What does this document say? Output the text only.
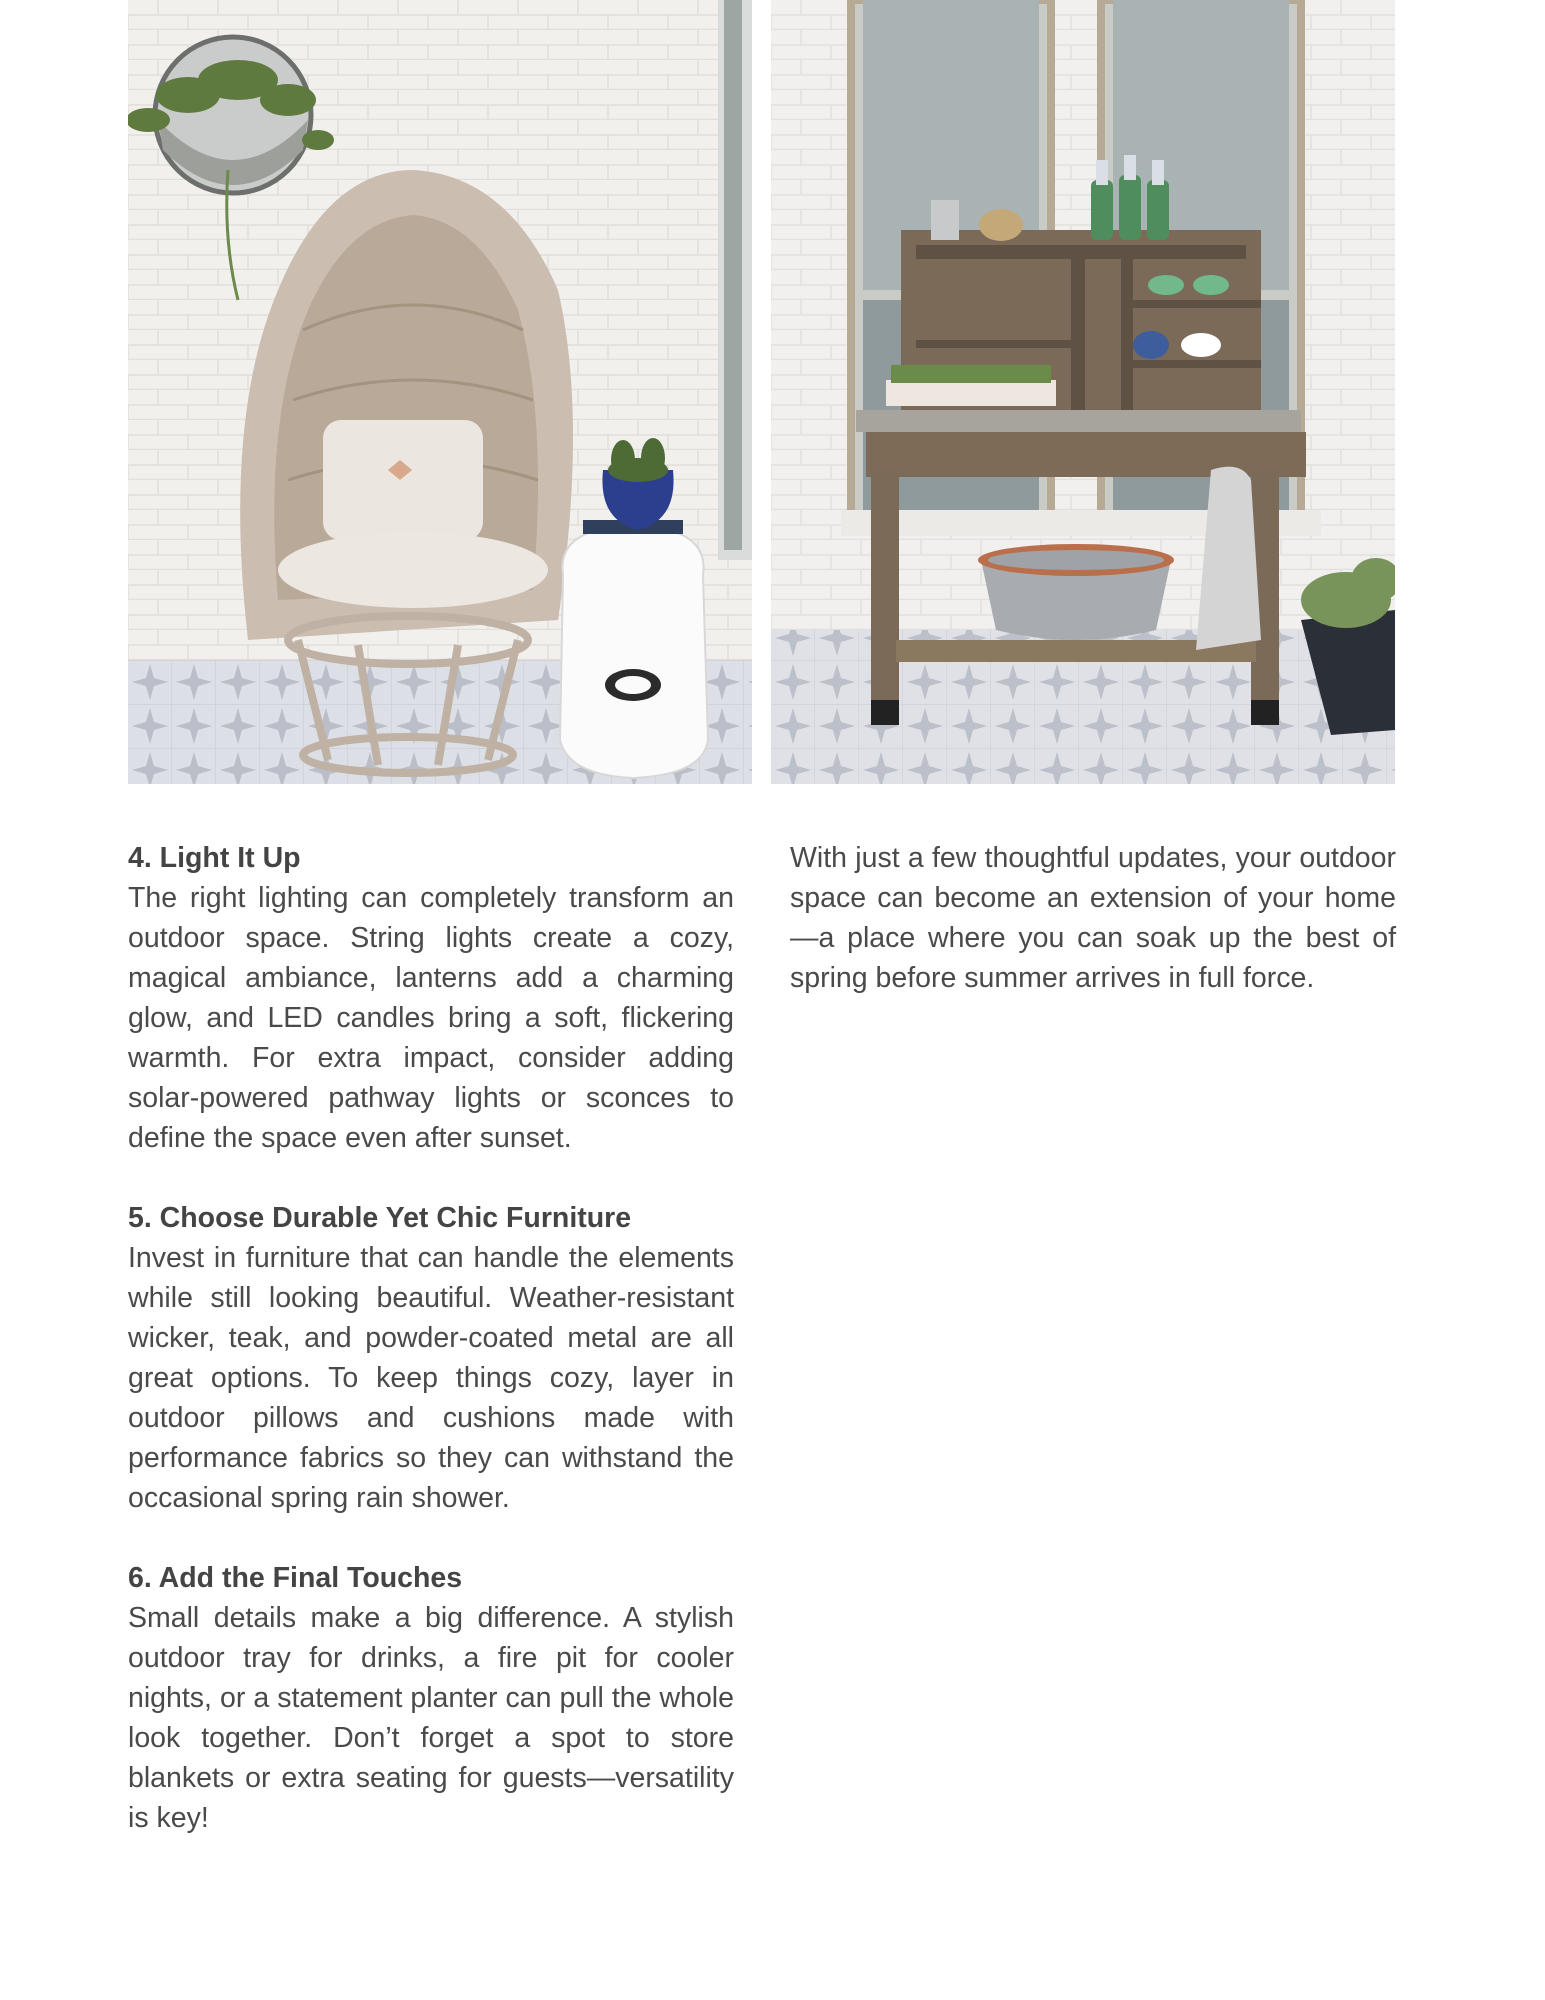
4. Light It Up

The right lighting can completely transform an outdoor space. String lights create a cozy, magical ambiance, lanterns add a charming glow, and LED candles bring a soft, flickering warmth. For extra impact, consider adding solar-powered pathway lights or sconces to define the space even after sunset.

5. Choose Durable Yet Chic Furniture

Invest in furniture that can handle the elements while still looking beautiful. Weather-resistant wicker, teak, and powder-coated metal are all great options. To keep things cozy, layer in outdoor pillows and cushions made with performance fabrics so they can withstand the occasional spring rain shower.

6. Add the Final Touches

Small details make a big difference. A stylish outdoor tray for drinks, a fire pit for cooler nights, or a statement planter can pull the whole look together. Don’t forget a spot to store blankets or extra seating for guests—versatility is key!

With just a few thoughtful updates, your outdoor space can become an extension of your home—a place where you can soak up the best of spring before summer arrives in full force.
